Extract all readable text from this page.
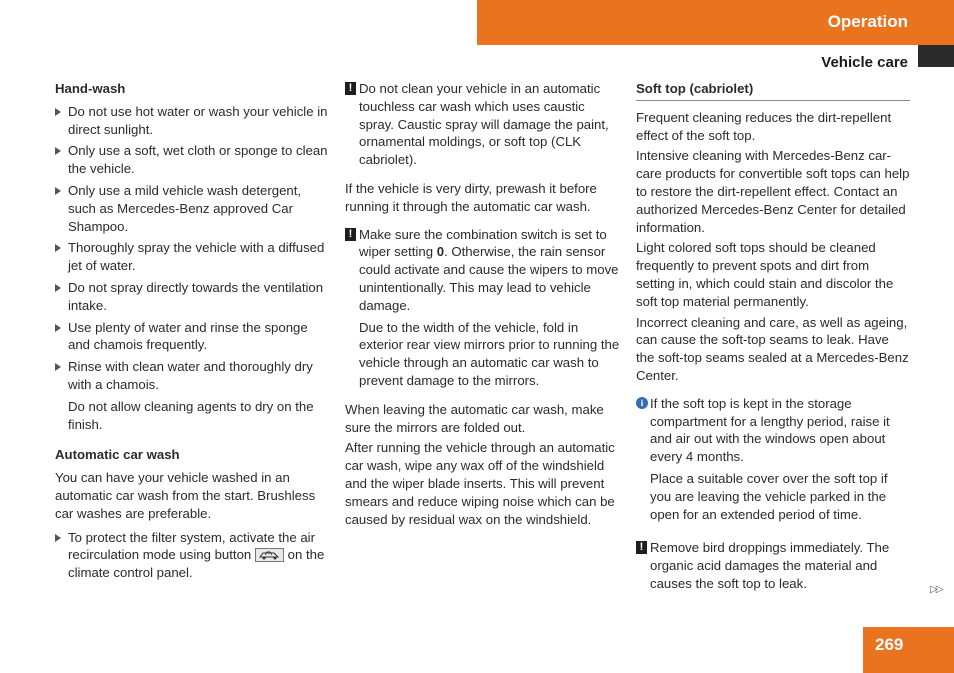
Operation
Vehicle care
Hand-wash
Do not use hot water or wash your vehicle in direct sunlight.
Only use a soft, wet cloth or sponge to clean the vehicle.
Only use a mild vehicle wash detergent, such as Mercedes-Benz approved Car Shampoo.
Thoroughly spray the vehicle with a diffused jet of water.
Do not spray directly towards the ventilation intake.
Use plenty of water and rinse the sponge and chamois frequently.
Rinse with clean water and thoroughly dry with a chamois.
Do not allow cleaning agents to dry on the finish.
Automatic car wash

You can have your vehicle washed in an automatic car wash from the start. Brushless car washes are preferable.

To protect the filter system, activate the air recirculation mode using button	on the climate control panel.
! Do not clean your vehicle in an automatic touchless car wash which uses caustic spray. Caustic spray will damage the paint, ornamental moldings, or soft top (CLK cabriolet).

If the vehicle is very dirty, prewash it before running it through the automatic car wash.

! Make sure the combination switch is set to wiper setting 0. Otherwise, the rain sensor could activate and cause the wipers to move unintentionally. This may lead to vehicle damage.
Due to the width of the vehicle, fold in exterior rear view mirrors prior to running the vehicle through an automatic car wash to prevent damage to the mirrors.

When leaving the automatic car wash, make sure the mirrors are folded out.

After running the vehicle through an automatic car wash, wipe any wax off of the windshield and the wiper blade inserts. This will prevent smears and reduce wiping noise which can be caused by residual wax on the windshield.

Soft top (cabriolet)

Frequent cleaning reduces the dirt-repellent effect of the soft top.

Intensive cleaning with Mercedes-Benz car-care products for convertible soft tops can help to restore the dirt-repellent effect. Contact an authorized Mercedes-Benz Center for detailed information.

Light colored soft tops should be cleaned frequently to prevent spots and dirt from setting in, which could stain and discolor the soft top material permanently.

Incorrect cleaning and care, as well as ageing, can cause the soft-top seams to leak. Have the soft-top seams sealed at a Mercedes-Benz Center.

i If the soft top is kept in the storage compartment for a lengthy period, raise it and air out with the windows open about every 4 months.
Place a suitable cover over the soft top if you are leaving the vehicle parked in the open for an extended period of time.
! Remove bird droppings immediately. The organic acid damages the material and causes the soft top to leak.	▷▷
269
